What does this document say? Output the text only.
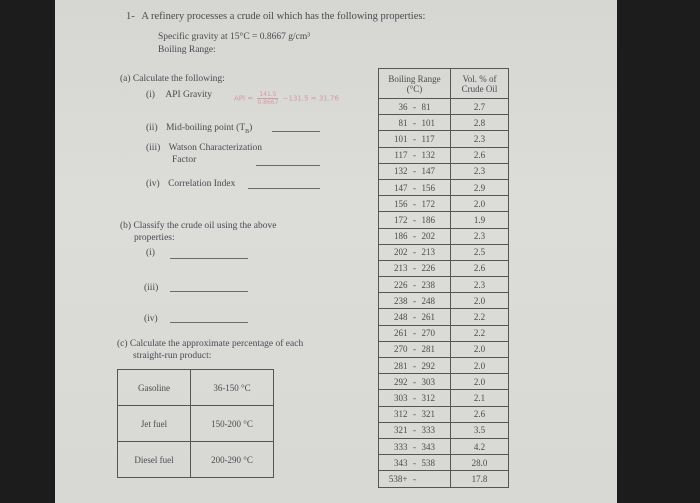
1- A refinery processes a crude oil which has the following properties:
Specific gravity at 15°C = 0.8667 g/cm³
Boiling Range:
(a) Calculate the following:
(i) API Gravity	API = $\frac{141.5}{0.8667} -131.5 = 31.76$
(ii) Mid-boiling point $(T_B)$
(iii) Watson Characterization
Factor
(iv) Correlation Index
(b) Classify the crude oil using the above
properties:
(i)
(iii)
(iv)
(c) Calculate the approximate percentage of each
straight-run product:
Gasoline	36-150 °C
Jet fuel	150-200 °C
Diesel fuel	200-290 °C
Boiling Range
(°C)	Vol. % of
Crude Oil
36 - 81	2.7
81 - 101	2.8
101 - 117	2.3
117 - 132	2.6
132 - 147	2.3
147 - 156	2.9
156 - 172	2.0
172 - 186	1.9
186 - 202	2.3
202 - 213	2.5
213 - 226	2.6
226 - 238	2.3
238 - 248	2.0
248 - 261	2.2
261 - 270	2.2
270 - 281	2.0
281 - 292	2.0
292 - 303	2.0
303 - 312	2.1
312 - 321	2.6
321 - 333	3.5
333 - 343	4.2
343 - 538	28.0
538+ -	17.8
